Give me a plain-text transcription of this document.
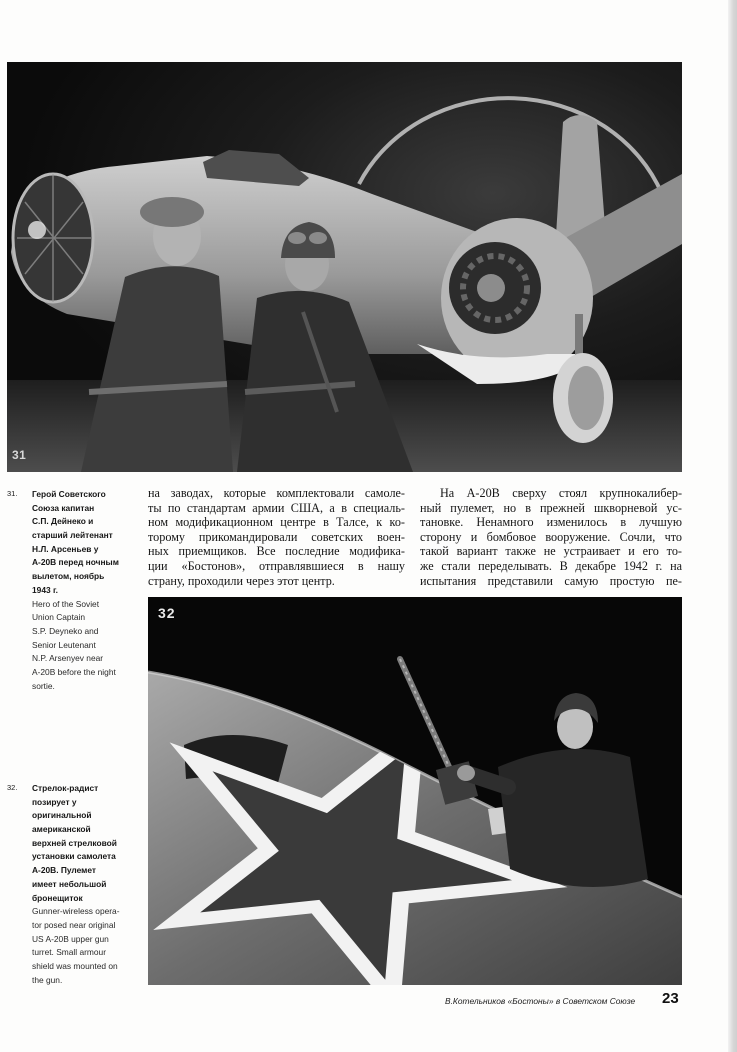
31
31. Герой Советского
Союза капитан
С.П. Дейнеко и
старший лейтенант
Н.Л. Арсеньев у
А-20В перед ночным
вылетом, ноябрь
1943 г.
Hero of the Soviet
Union Captain
S.P. Deyneko and
Senior Leutenant
N.P. Arsenyev near
A-20B before the night
sortie.
на заводах, которые комплектовали самоле-
ты по стандартам армии США, а в специаль-
ном модификационном центре в Талсе, к ко-
торому прикомандировали советских воен-
ных приемщиков. Все последние модифика-
ции «Бостонов», отправлявшиеся в нашу
страну, проходили через этот центр.
На А-20В сверху стоял крупнокалибер-
ный пулемет, но в прежней шкворневой ус-
тановке. Ненамного изменилось в лучшую
сторону и бомбовое вооружение. Сочли, что
такой вариант также не устраивает и его то-
же стали переделывать. В декабре 1942 г. на
испытания представили самую простую пе-
32
32. Стрелок-радист
позирует у
оригинальной
американской
верхней стрелковой
установки самолета
А-20В. Пулемет
имеет небольшой
бронещиток
Gunner-wireless opera-
tor posed near original
US A-20B upper gun
turret. Small armour
shield was mounted on
the gun.
В.Котельников «Бостоны» в Советском Союзе 23
